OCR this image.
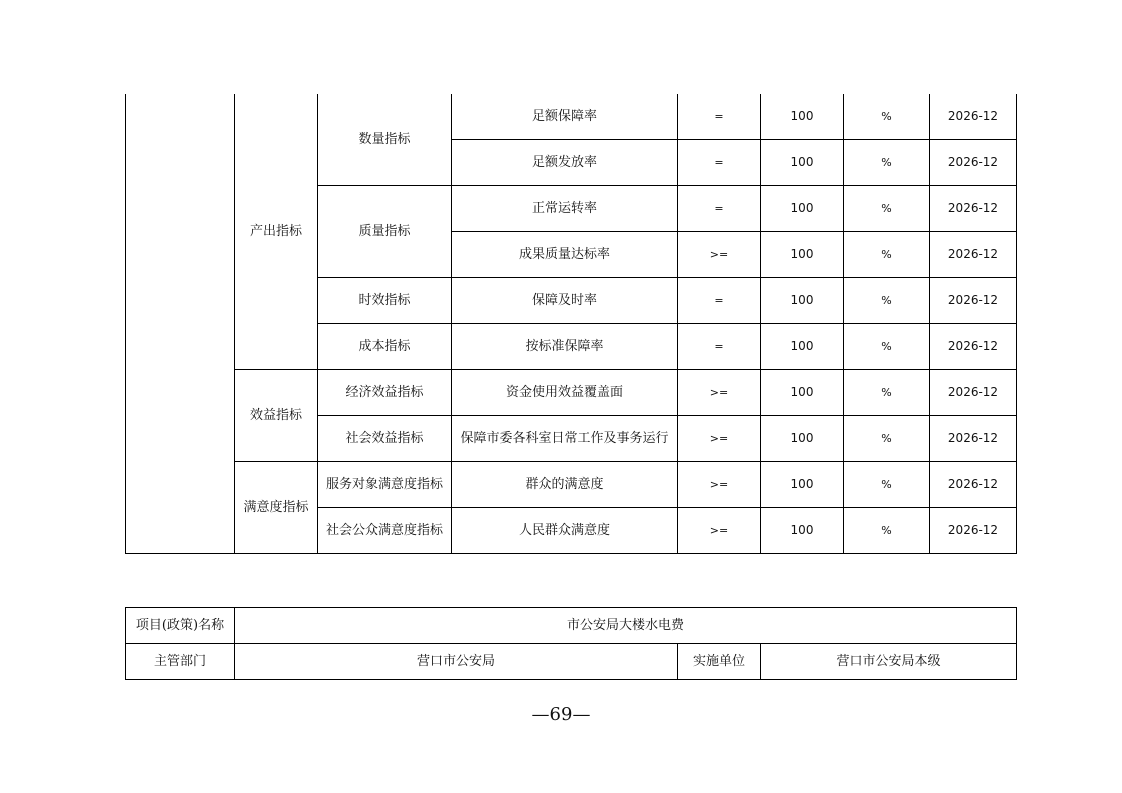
	产出指标	数量指标	足额保障率	=	100	%	2026-12
			足额发放率	=	100	%	2026-12
		质量指标	正常运转率	=	100	%	2026-12
			成果质量达标率	>=	100	%	2026-12
		时效指标	保障及时率	=	100	%	2026-12
		成本指标	按标准保障率	=	100	%	2026-12
	效益指标	经济效益指标	资金使用效益覆盖面	>=	100	%	2026-12
		社会效益指标	保障市委各科室日常工作及事务运行	>=	100	%	2026-12
	满意度指标	服务对象满意度指标	群众的满意度	>=	100	%	2026-12
		社会公众满意度指标	人民群众满意度	>=	100	%	2026-12
项目(政策)名称	市公安局大楼水电费		
主管部门	营口市公安局	实施单位	营口市公安局本级
—69—
